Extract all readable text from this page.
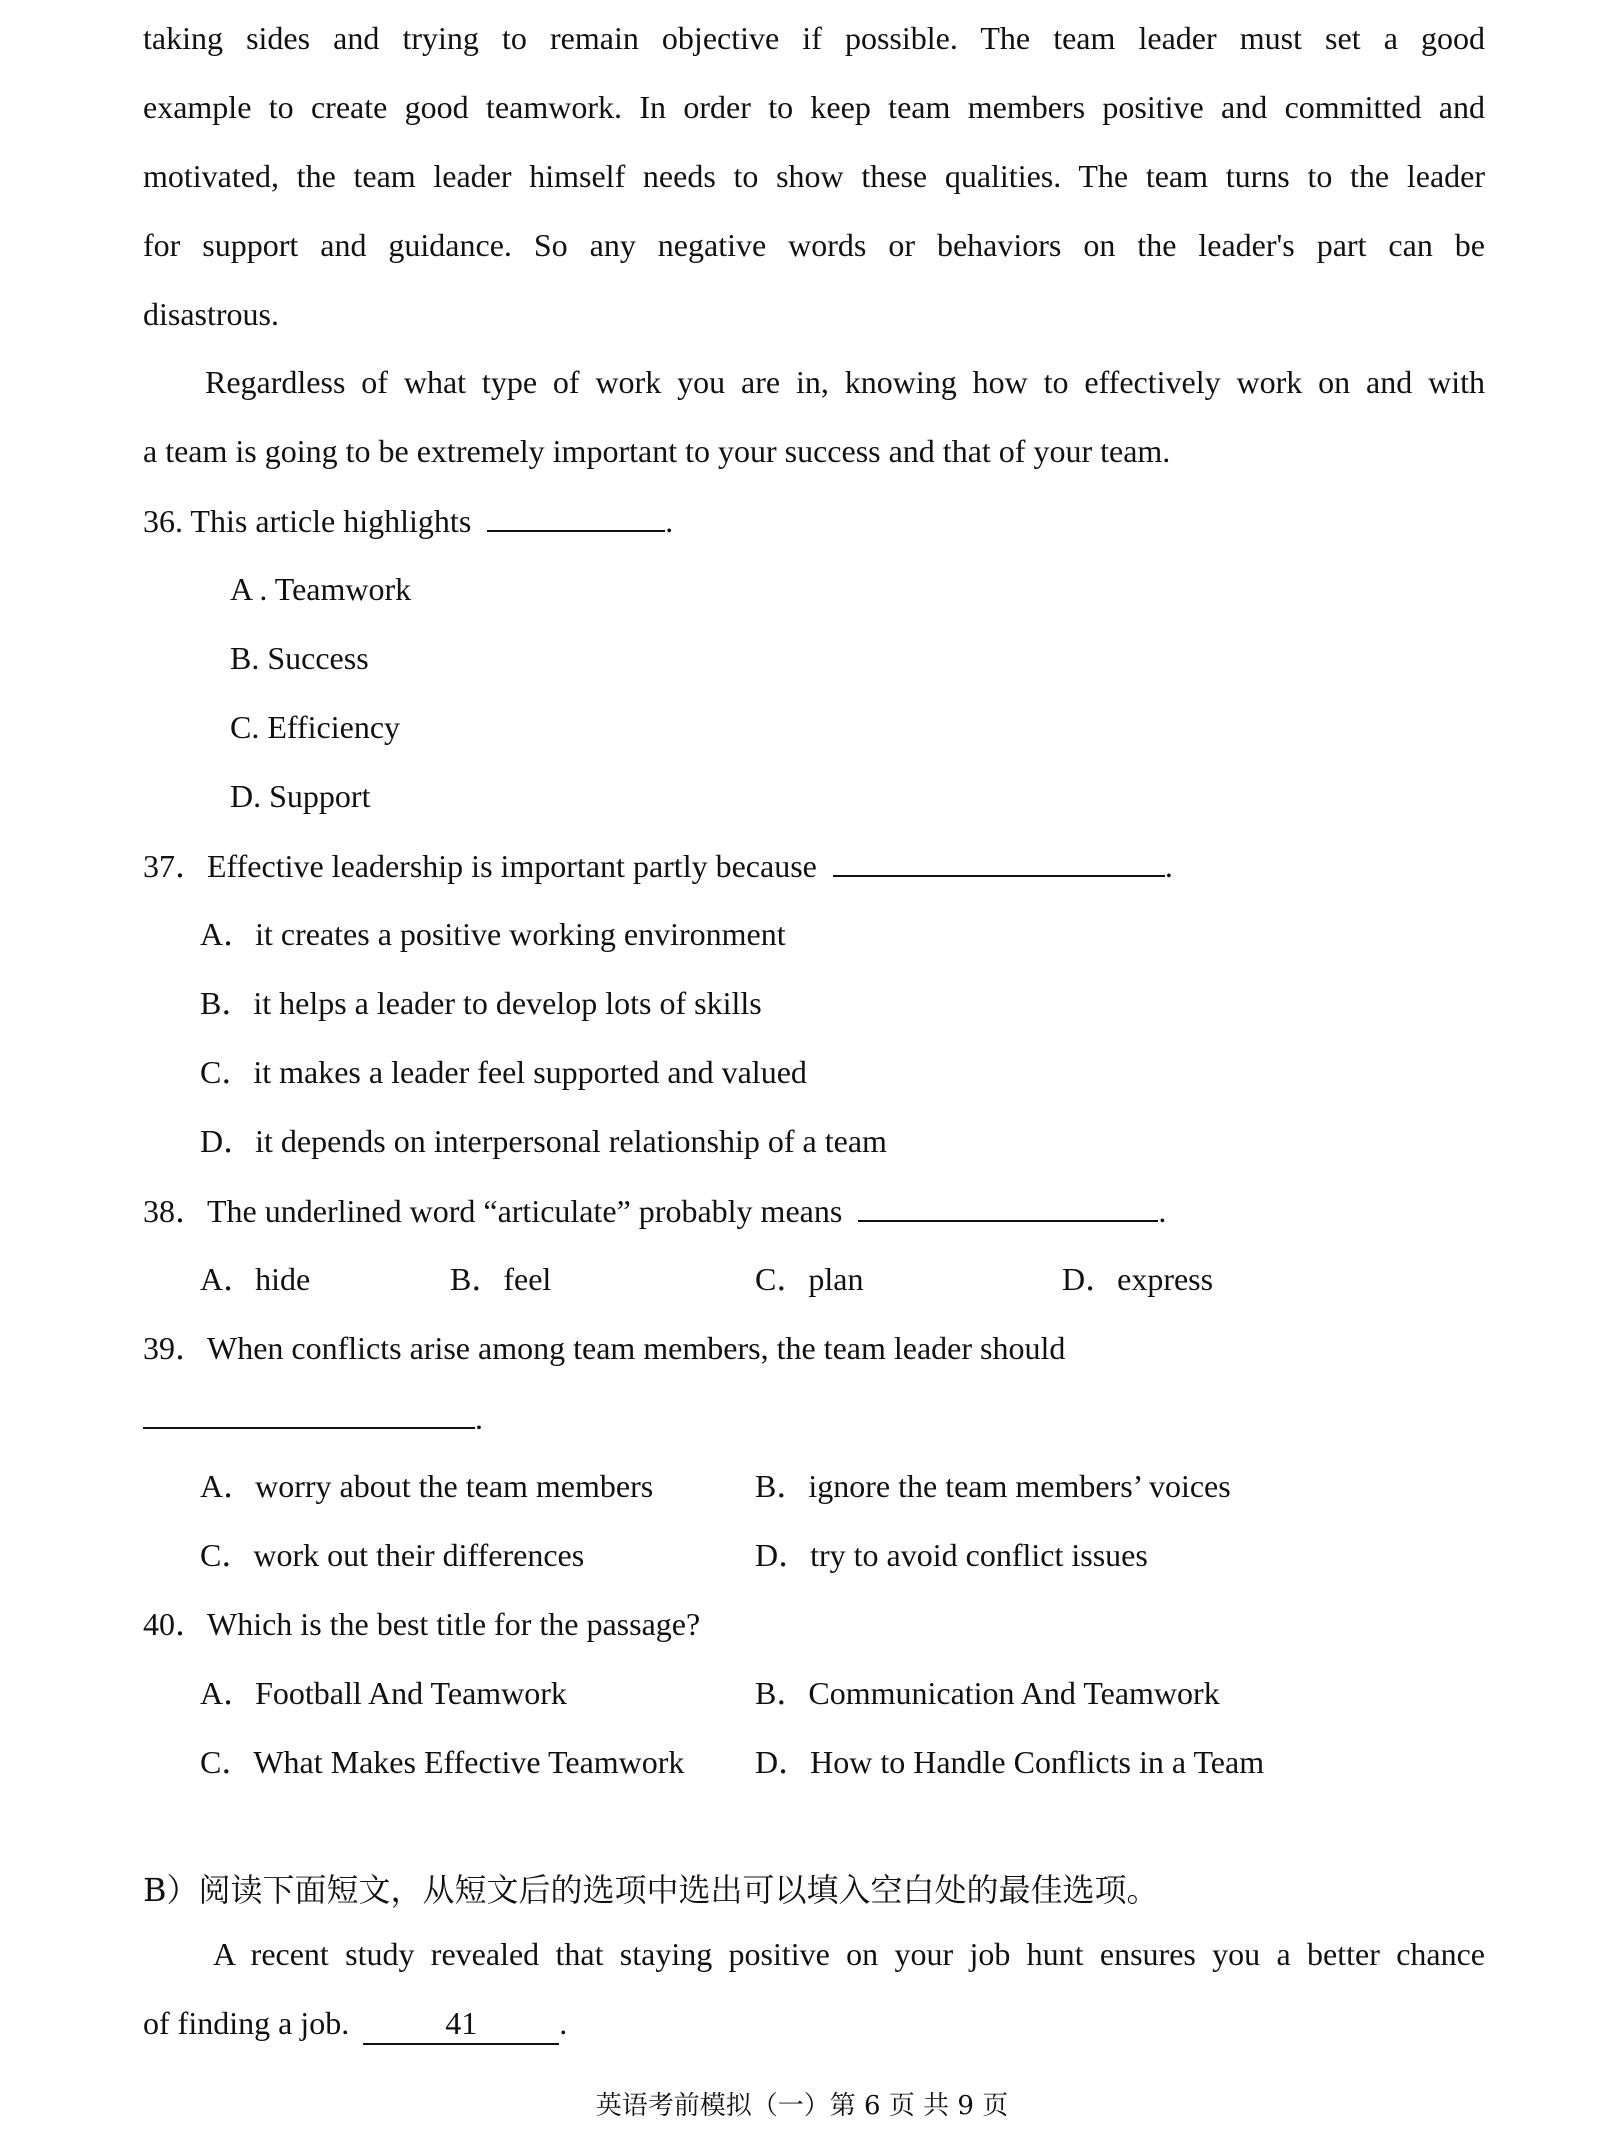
taking sides and trying to remain objective if possible. The team leader must set a good
example to create good teamwork. In order to keep team members positive and committed and
motivated, the team leader himself needs to show these qualities. The team turns to the leader
for support and guidance. So any negative words or behaviors on the leader's part can be
disastrous.
Regardless of what type of work you are in, knowing how to effectively work on and with
a team is going to be extremely important to your success and that of your team.
36. This article highlights	.
A . Teamwork
B. Success
C. Efficiency
D. Support
37．Effective leadership is important partly because	.
A．it creates a positive working environment
B．it helps a leader to develop lots of skills
C．it makes a leader feel supported and valued
D．it depends on interpersonal relationship of a team
38．The underlined word “articulate” probably means	.
A．hide	B．feel	C．plan	D．express
39．When conflicts arise among team members, the team leader should
.
A．worry about the team members	B．ignore the team members’ voices
C．work out their differences	D．try to avoid conflict issues
40．Which is the best title for the passage?
A．Football And Teamwork	B．Communication And Teamwork
C．What Makes Effective Teamwork D．How to Handle Conflicts in a Team
B）阅读下面短文，从短文后的选项中选出可以填入空白处的最佳选项。
A recent study revealed that staying positive on your job hunt ensures you a better chance
of finding a job.	41	.
英语考前模拟（一）第 6 页 共 9 页
